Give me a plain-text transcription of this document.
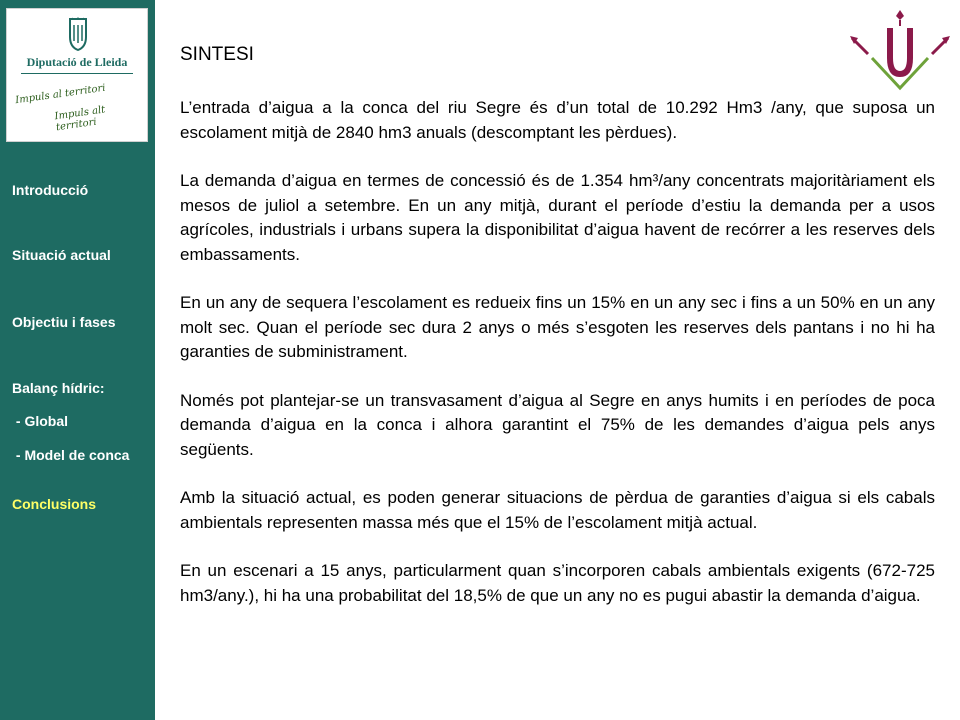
Diputació de Lleida
Impuls al territori
Impuls alt territori
Introducció
Situació actual
Objectiu i fases
Balanç hídric:
- Global
- Model de conca
Conclusions
SINTESI

L’entrada d’aigua a la conca del riu Segre és d’un total de 10.292 Hm3 /any, que suposa un escolament mitjà de 2840 hm3 anuals (descomptant les pèrdues).

La demanda d’aigua en termes de concessió és de 1.354 hm³/any concentrats majoritàriament els mesos de juliol a setembre. En un any mitjà, durant el període d’estiu la demanda per a usos agrícoles, industrials i urbans supera la disponibilitat d’aigua havent de recórrer a les reserves dels embassaments.

En un any de sequera l’escolament es redueix fins un 15% en un any sec i fins a un 50% en un any molt sec. Quan el període sec dura 2 anys o més s’esgoten les reserves dels pantans i no hi ha garanties de subministrament.

Només pot plantejar-se un transvasament d’aigua al Segre en anys humits i en períodes de poca demanda d’aigua en la conca i alhora garantint el 75% de les demandes d’aigua pels anys següents.

Amb la situació actual, es poden generar situacions de pèrdua de garanties d’aigua si els cabals ambientals representen massa més que el 15% de l’escolament mitjà actual.

En un escenari a 15 anys, particularment quan s’incorporen cabals ambientals exigents (672-725 hm3/any.), hi ha una probabilitat del 18,5% de que un any no es pugui abastir la demanda d’aigua.
